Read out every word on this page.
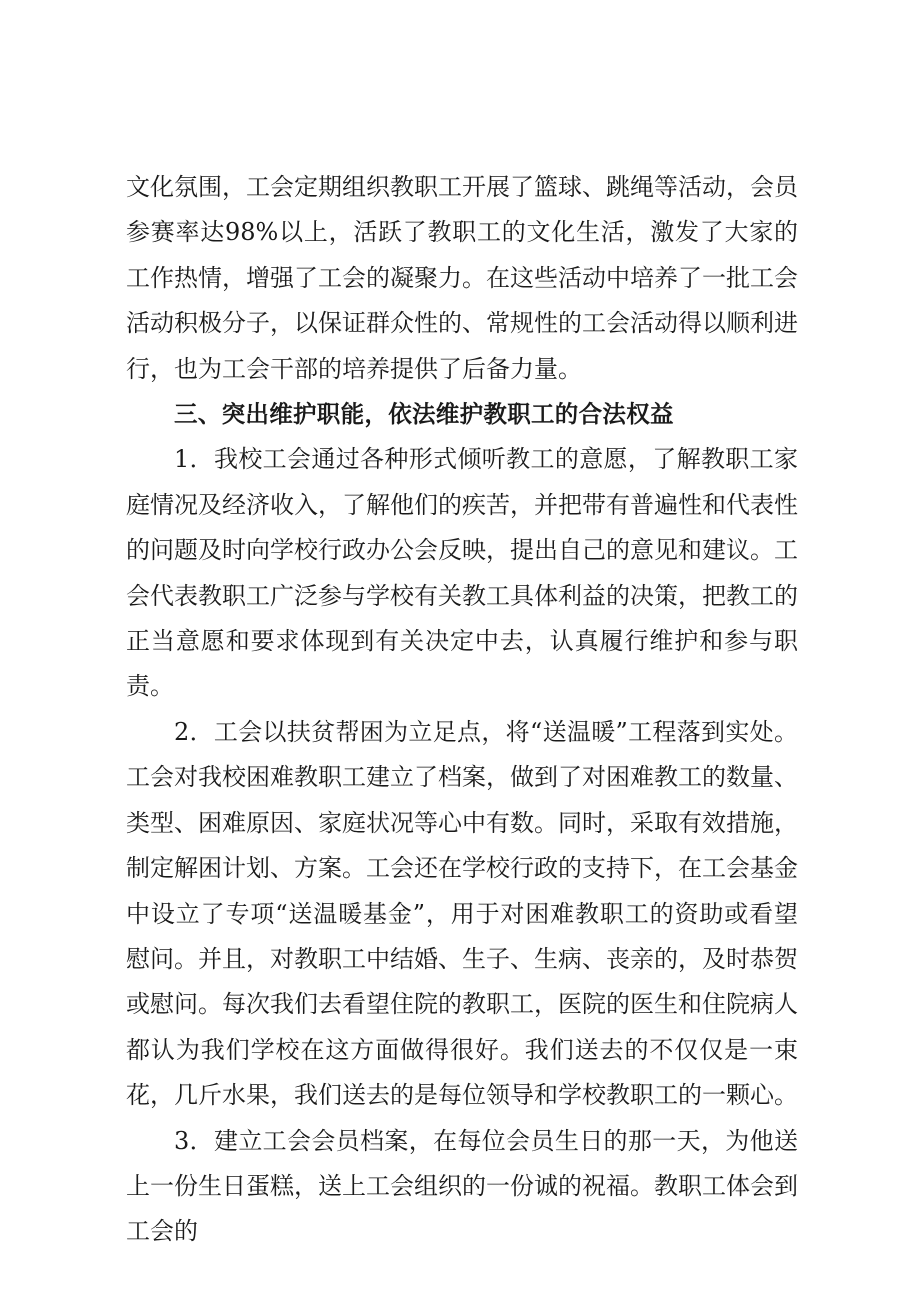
文化氛围，工会定期组织教职工开展了篮球、跳绳等活动，会员参赛率达98%以上，活跃了教职工的文化生活，激发了大家的工作热情，增强了工会的凝聚力。在这些活动中培养了一批工会活动积极分子，以保证群众性的、常规性的工会活动得以顺利进行，也为工会干部的培养提供了后备力量。

三、突出维护职能，依法维护教职工的合法权益

1．我校工会通过各种形式倾听教工的意愿，了解教职工家庭情况及经济收入，了解他们的疾苦，并把带有普遍性和代表性的问题及时向学校行政办公会反映，提出自己的意见和建议。工会代表教职工广泛参与学校有关教工具体利益的决策，把教工的正当意愿和要求体现到有关决定中去，认真履行维护和参与职责。

2．工会以扶贫帮困为立足点，将“送温暖”工程落到实处。工会对我校困难教职工建立了档案，做到了对困难教工的数量、类型、困难原因、家庭状况等心中有数。同时，采取有效措施，制定解困计划、方案。工会还在学校行政的支持下，在工会基金中设立了专项“送温暖基金”，用于对困难教职工的资助或看望慰问。并且，对教职工中结婚、生子、生病、丧亲的，及时恭贺或慰问。每次我们去看望住院的教职工，医院的医生和住院病人都认为我们学校在这方面做得很好。我们送去的不仅仅是一束花，几斤水果，我们送去的是每位领导和学校教职工的一颗心。

3．建立工会会员档案，在每位会员生日的那一天，为他送上一份生日蛋糕，送上工会组织的一份诚的祝福。教职工体会到工会的
